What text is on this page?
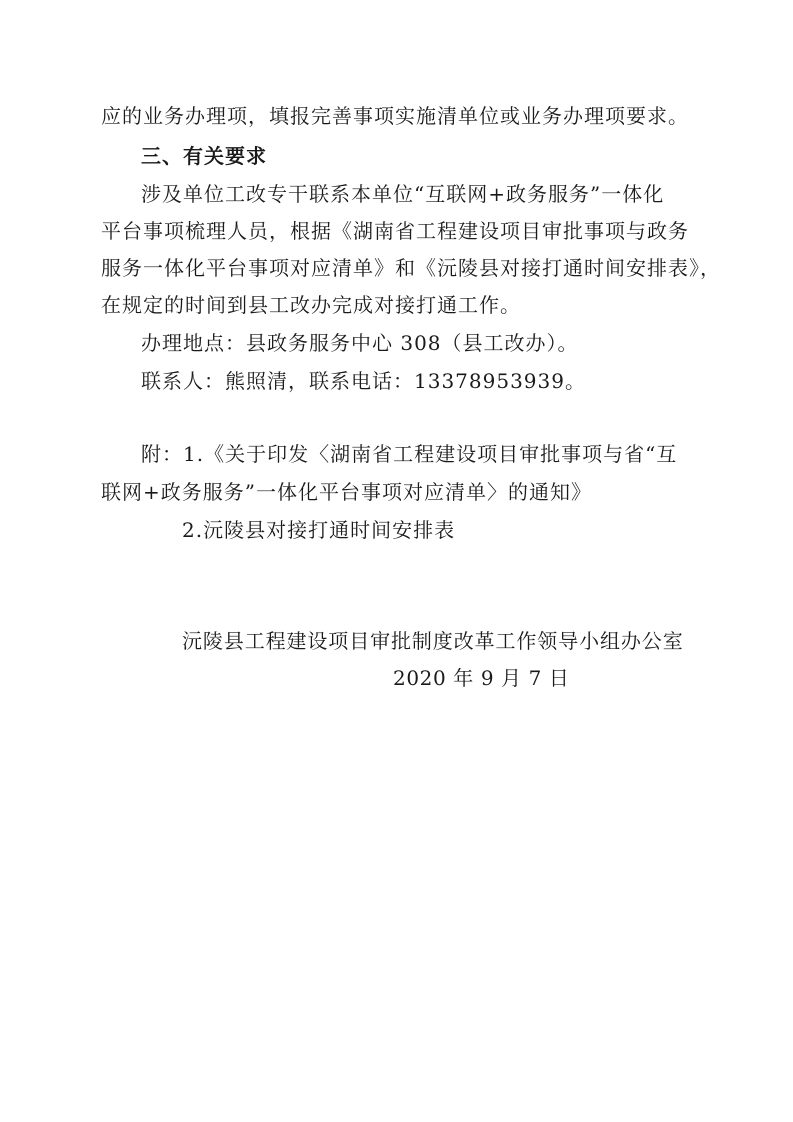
应的业务办理项，填报完善事项实施清单位或业务办理项要求。
三、有关要求
涉及单位工改专干联系本单位“互联网+政务服务”一体化
平台事项梳理人员，根据《湖南省工程建设项目审批事项与政务
服务一体化平台事项对应清单》和《沅陵县对接打通时间安排表》，
在规定的时间到县工改办完成对接打通工作。
办理地点：县政务服务中心 308（县工改办）。
联系人：熊照清，联系电话：13378953939。
附：1.《关于印发〈湖南省工程建设项目审批事项与省“互
联网+政务服务”一体化平台事项对应清单〉的通知》
2.沅陵县对接打通时间安排表
沅陵县工程建设项目审批制度改革工作领导小组办公室
2020 年 9 月 7 日
